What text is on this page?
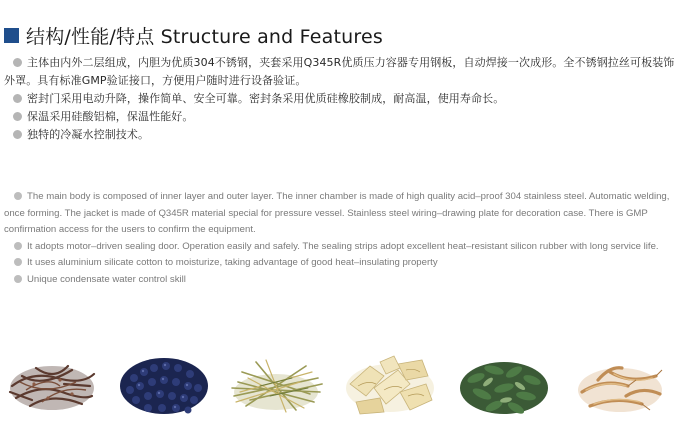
结构/性能/特点 Structure and Features
主体由内外二层组成，内胆为优质304不锈钢，夹套采用Q345R优质压力容器专用钢板，自动焊接一次成形。全不锈钢拉丝可板装饰外罩。具有标准GMP验证接口，方便用户随时进行设备验证。
密封门采用电动升降，操作简单、安全可靠。密封条采用优质硅橡胶制成，耐高温，使用寿命长。
保温采用硅酸铝棉，保温性能好。
独特的冷凝水控制技术。
The main body is composed of inner layer and outer layer. The inner chamber is made of high quality acid–proof 304 stainless steel. Automatic welding, once forming. The jacket is made of Q345R material special for pressure vessel. Stainless steel wiring–drawing plate for decoration case. There is GMP confirmation access for the users to confirm the equipment.
It adopts motor–driven sealing door. Operation easily and safely. The sealing strips adopt excellent heat–resistant silicon rubber with long service life.
It uses aluminium silicate cotton to moisturize, taking advantage of good heat–insulating property
Unique condensate water control skill
